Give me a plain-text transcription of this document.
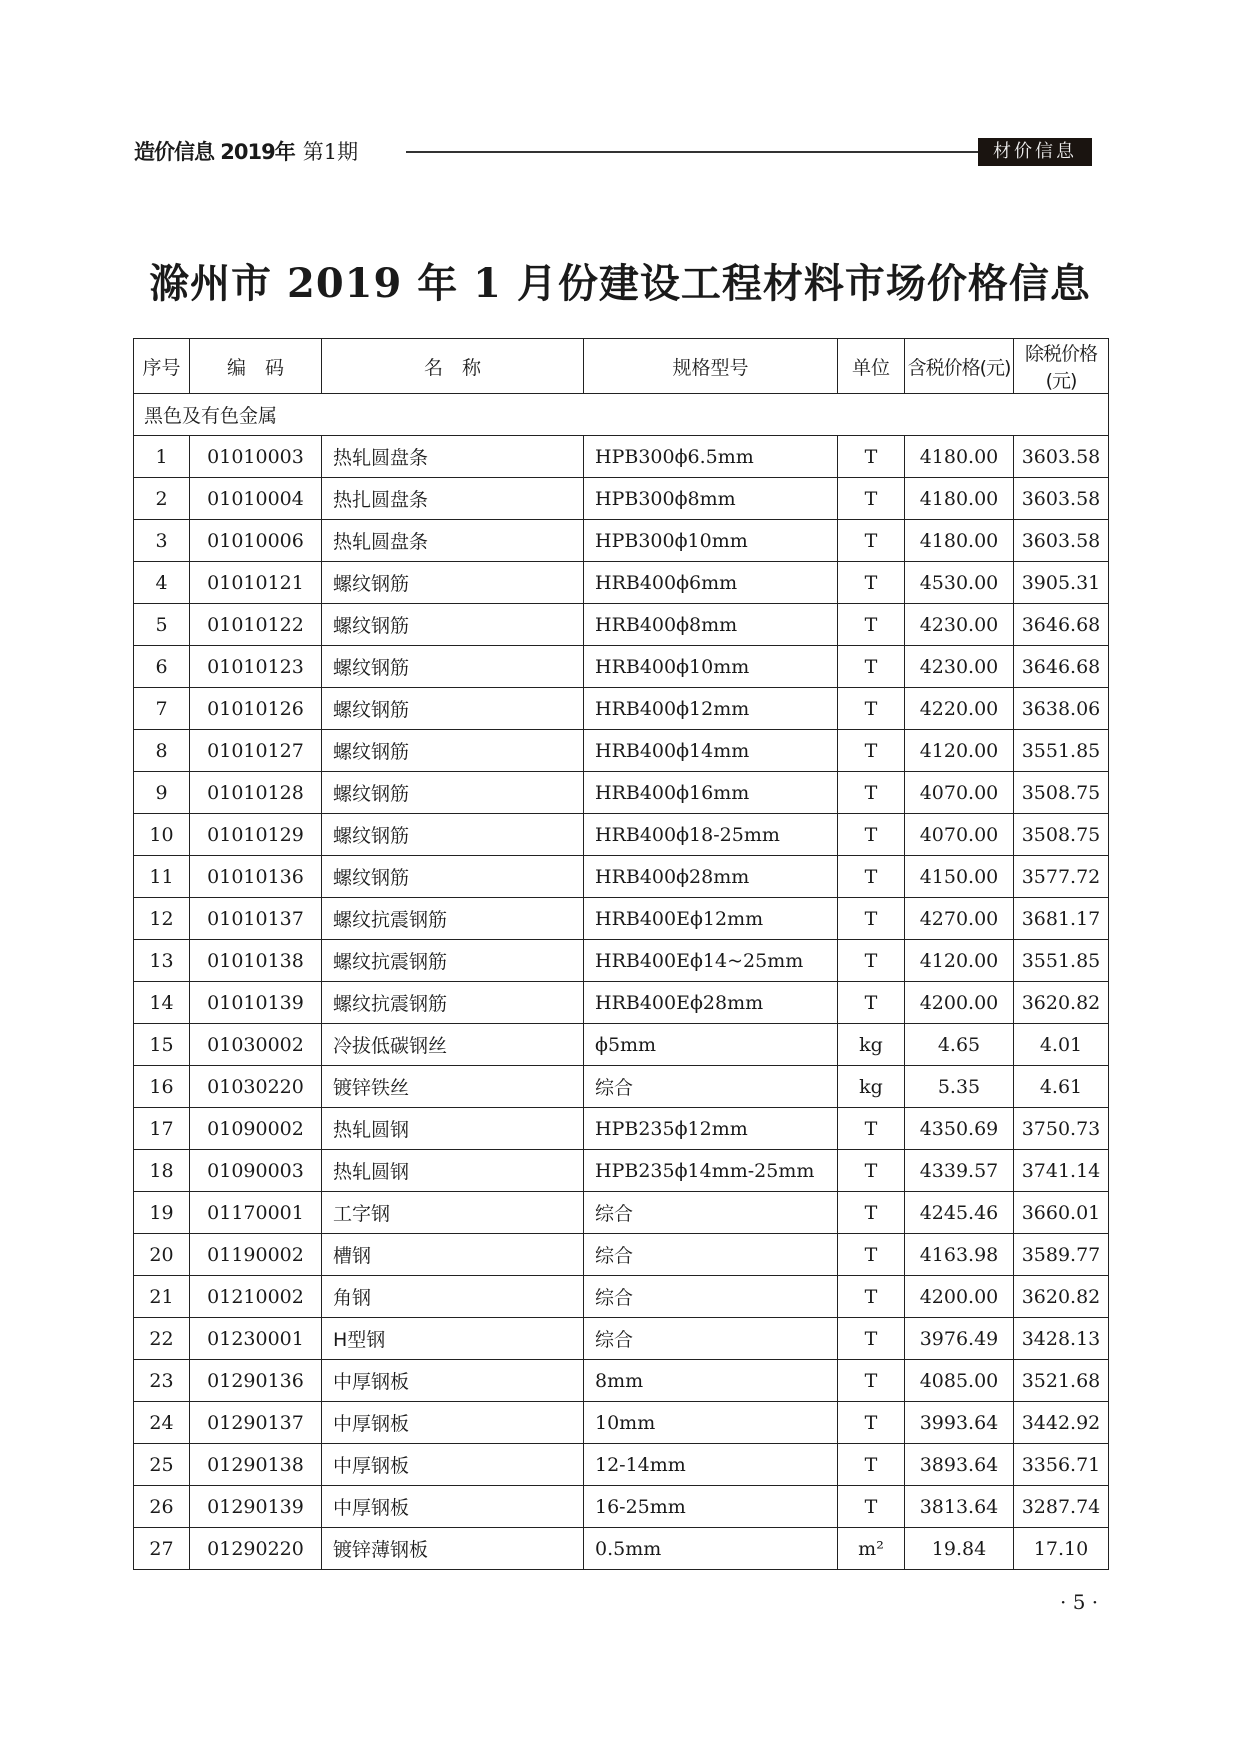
造价信息 2019年 第1期	材价信息
滁州市 2019 年 1 月份建设工程材料市场价格信息
序号	编　码	名　称	规格型号	单位	含税价格(元)	除税价格(元)
黑色及有色金属						
1	01010003	热轧圆盘条	HPB300ϕ6.5mm	T	4180.00	3603.58
2	01010004	热扎圆盘条	HPB300ϕ8mm	T	4180.00	3603.58
3	01010006	热轧圆盘条	HPB300ϕ10mm	T	4180.00	3603.58
4	01010121	螺纹钢筋	HRB400ϕ6mm	T	4530.00	3905.31
5	01010122	螺纹钢筋	HRB400ϕ8mm	T	4230.00	3646.68
6	01010123	螺纹钢筋	HRB400ϕ10mm	T	4230.00	3646.68
7	01010126	螺纹钢筋	HRB400ϕ12mm	T	4220.00	3638.06
8	01010127	螺纹钢筋	HRB400ϕ14mm	T	4120.00	3551.85
9	01010128	螺纹钢筋	HRB400ϕ16mm	T	4070.00	3508.75
10	01010129	螺纹钢筋	HRB400ϕ18-25mm	T	4070.00	3508.75
11	01010136	螺纹钢筋	HRB400ϕ28mm	T	4150.00	3577.72
12	01010137	螺纹抗震钢筋	HRB400Eϕ12mm	T	4270.00	3681.17
13	01010138	螺纹抗震钢筋	HRB400Eϕ14~25mm	T	4120.00	3551.85
14	01010139	螺纹抗震钢筋	HRB400Eϕ28mm	T	4200.00	3620.82
15	01030002	冷拔低碳钢丝	ϕ5mm	kg	4.65	4.01
16	01030220	镀锌铁丝	综合	kg	5.35	4.61
17	01090002	热轧圆钢	HPB235ϕ12mm	T	4350.69	3750.73
18	01090003	热轧圆钢	HPB235ϕ14mm-25mm	T	4339.57	3741.14
19	01170001	工字钢	综合	T	4245.46	3660.01
20	01190002	槽钢	综合	T	4163.98	3589.77
21	01210002	角钢	综合	T	4200.00	3620.82
22	01230001	H型钢	综合	T	3976.49	3428.13
23	01290136	中厚钢板	8mm	T	4085.00	3521.68
24	01290137	中厚钢板	10mm	T	3993.64	3442.92
25	01290138	中厚钢板	12-14mm	T	3893.64	3356.71
26	01290139	中厚钢板	16-25mm	T	3813.64	3287.74
27	01290220	镀锌薄钢板	0.5mm	m²	19.84	17.10
· 5 ·
